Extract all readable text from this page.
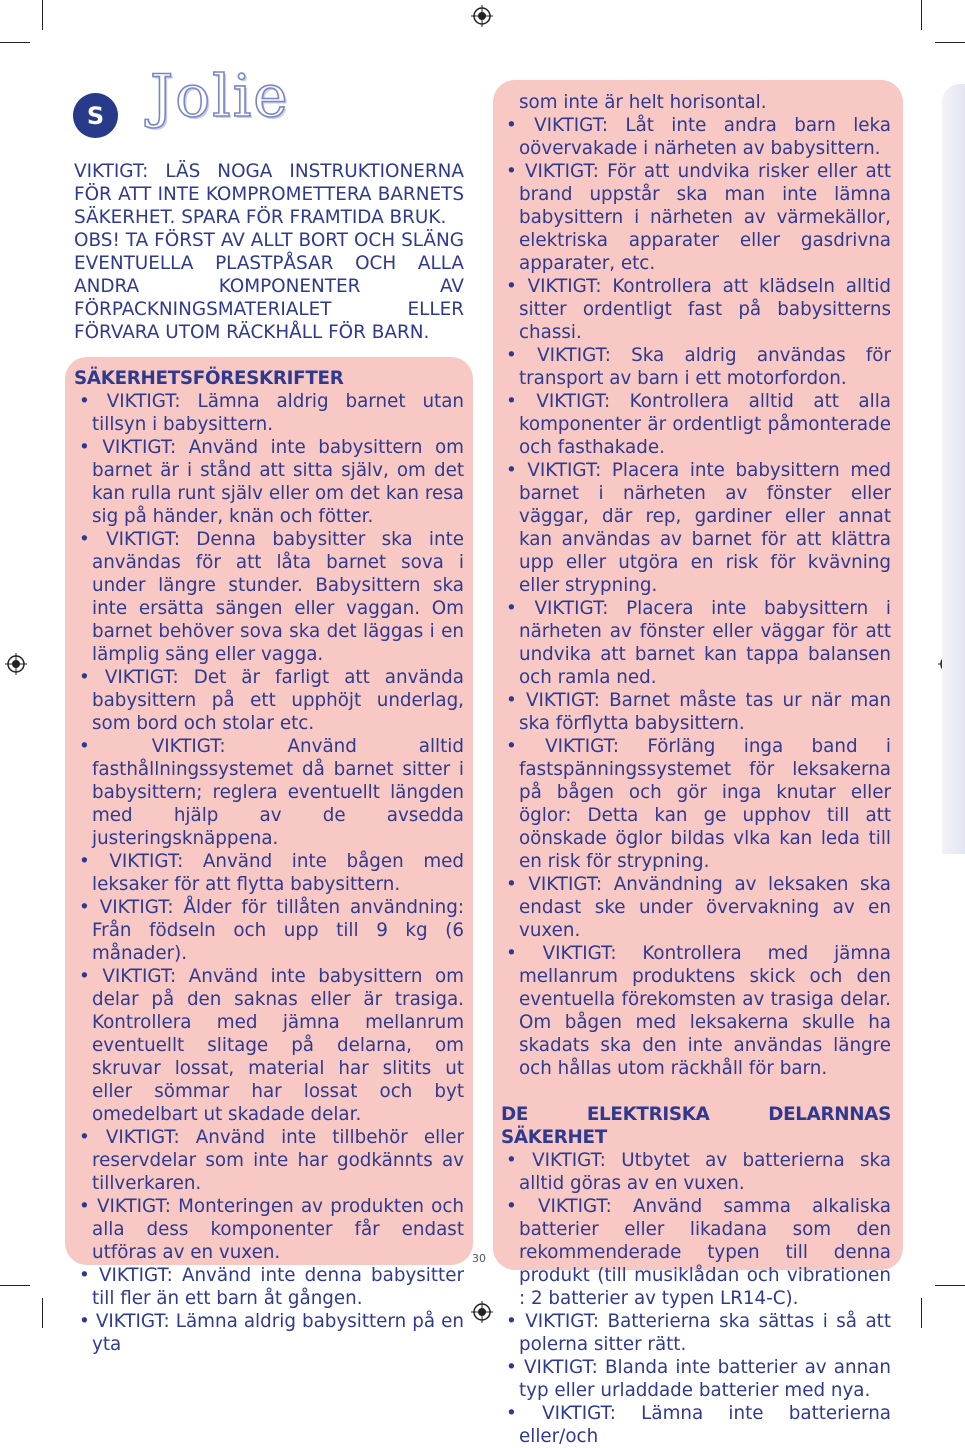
S Jolie

VIKTIGT: LÄS NOGA INSTRUKTIONERNA FÖR ATT INTE KOMPROMETTERA BARNETS SÄKERHET. SPARA FÖR FRAMTIDA BRUK.

OBS! TA FÖRST AV ALLT BORT OCH SLÄNG EVENTUELLA PLASTPÅSAR OCH ALLA ANDRA KOMPONENTER AV FÖRPACKNINGSMATERIALET ELLER FÖRVARA UTOM RÄCKHÅLL FÖR BARN.

SÄKERHETSFÖRESKRIFTER
• VIKTIGT: Lämna aldrig barnet utan tillsyn i babysittern.
• VIKTIGT: Använd inte babysittern om barnet är i stånd att sitta själv, om det kan rulla runt själv eller om det kan resa sig på händer, knän och fötter.
• VIKTIGT: Denna babysitter ska inte användas för att låta barnet sova i under längre stunder. Babysittern ska inte ersätta sängen eller vaggan. Om barnet behöver sova ska det läggas i en lämplig säng eller vagga.
• VIKTIGT: Det är farligt att använda babysittern på ett upphöjt underlag, som bord och stolar etc.
• VIKTIGT: Använd alltid fasthållningssystemet då barnet sitter i babysittern; reglera eventuellt längden med hjälp av de avsedda justeringsknäppena.
• VIKTIGT: Använd inte bågen med leksaker för att flytta babysittern.
• VIKTIGT: Ålder för tillåten användning: Från födseln och upp till 9 kg (6 månader).
• VIKTIGT: Använd inte babysittern om delar på den saknas eller är trasiga. Kontrollera med jämna mellanrum eventuellt slitage på delarna, om skruvar lossat, material har slitits ut eller sömmar har lossat och byt omedelbart ut skadade delar.
• VIKTIGT: Använd inte tillbehör eller reservdelar som inte har godkännts av tillverkaren.
• VIKTIGT: Monteringen av produkten och alla dess komponenter får endast utföras av en vuxen.
• VIKTIGT: Använd inte denna babysitter till fler än ett barn åt gången.
• VIKTIGT: Lämna aldrig babysittern på en yta

som inte är helt horisontal.

• VIKTIGT: Låt inte andra barn leka oövervakade i närheten av babysittern.
• VIKTIGT: För att undvika risker eller att brand uppstår ska man inte lämna babysittern i närheten av värmekällor, elektriska apparater eller gasdrivna apparater, etc.
• VIKTIGT: Kontrollera att klädseln alltid sitter ordentligt fast på babysitterns chassi.
• VIKTIGT: Ska aldrig användas för transport av barn i ett motorfordon.
• VIKTIGT: Kontrollera alltid att alla komponenter är ordentligt påmonterade och fasthakade.
• VIKTIGT: Placera inte babysittern med barnet i närheten av fönster eller väggar, där rep, gardiner eller annat kan användas av barnet för att klättra upp eller utgöra en risk för kvävning eller strypning.
• VIKTIGT: Placera inte babysittern i närheten av fönster eller väggar för att undvika att barnet kan tappa balansen och ramla ned.
• VIKTIGT: Barnet måste tas ur när man ska förflytta babysittern.
• VIKTIGT: Förläng inga band i fastspänningssystemet för leksakerna på bågen och gör inga knutar eller öglor: Detta kan ge upphov till att oönskade öglor bildas vlka kan leda till en risk för strypning.
• VIKTIGT: Användning av leksaken ska endast ske under övervakning av en vuxen.
• VIKTIGT: Kontrollera med jämna mellanrum produktens skick och den eventuella förekomsten av trasiga delar. Om bågen med leksakerna skulle ha skadats ska den inte användas längre och hållas utom räckhåll för barn.
DE ELEKTRISKA DELARNNAS SÄKERHET
• VIKTIGT: Utbytet av batterierna ska alltid göras av en vuxen.
• VIKTIGT: Använd samma alkaliska batterier eller likadana som den rekommenderade typen till denna produkt (till musiklådan och vibrationen : 2 batterier av typen LR14-C).
• VIKTIGT: Batterierna ska sättas i så att polerna sitter rätt.
• VIKTIGT: Blanda inte batterier av annan typ eller urladdade batterier med nya.
• VIKTIGT: Lämna inte batterierna eller/och
30
